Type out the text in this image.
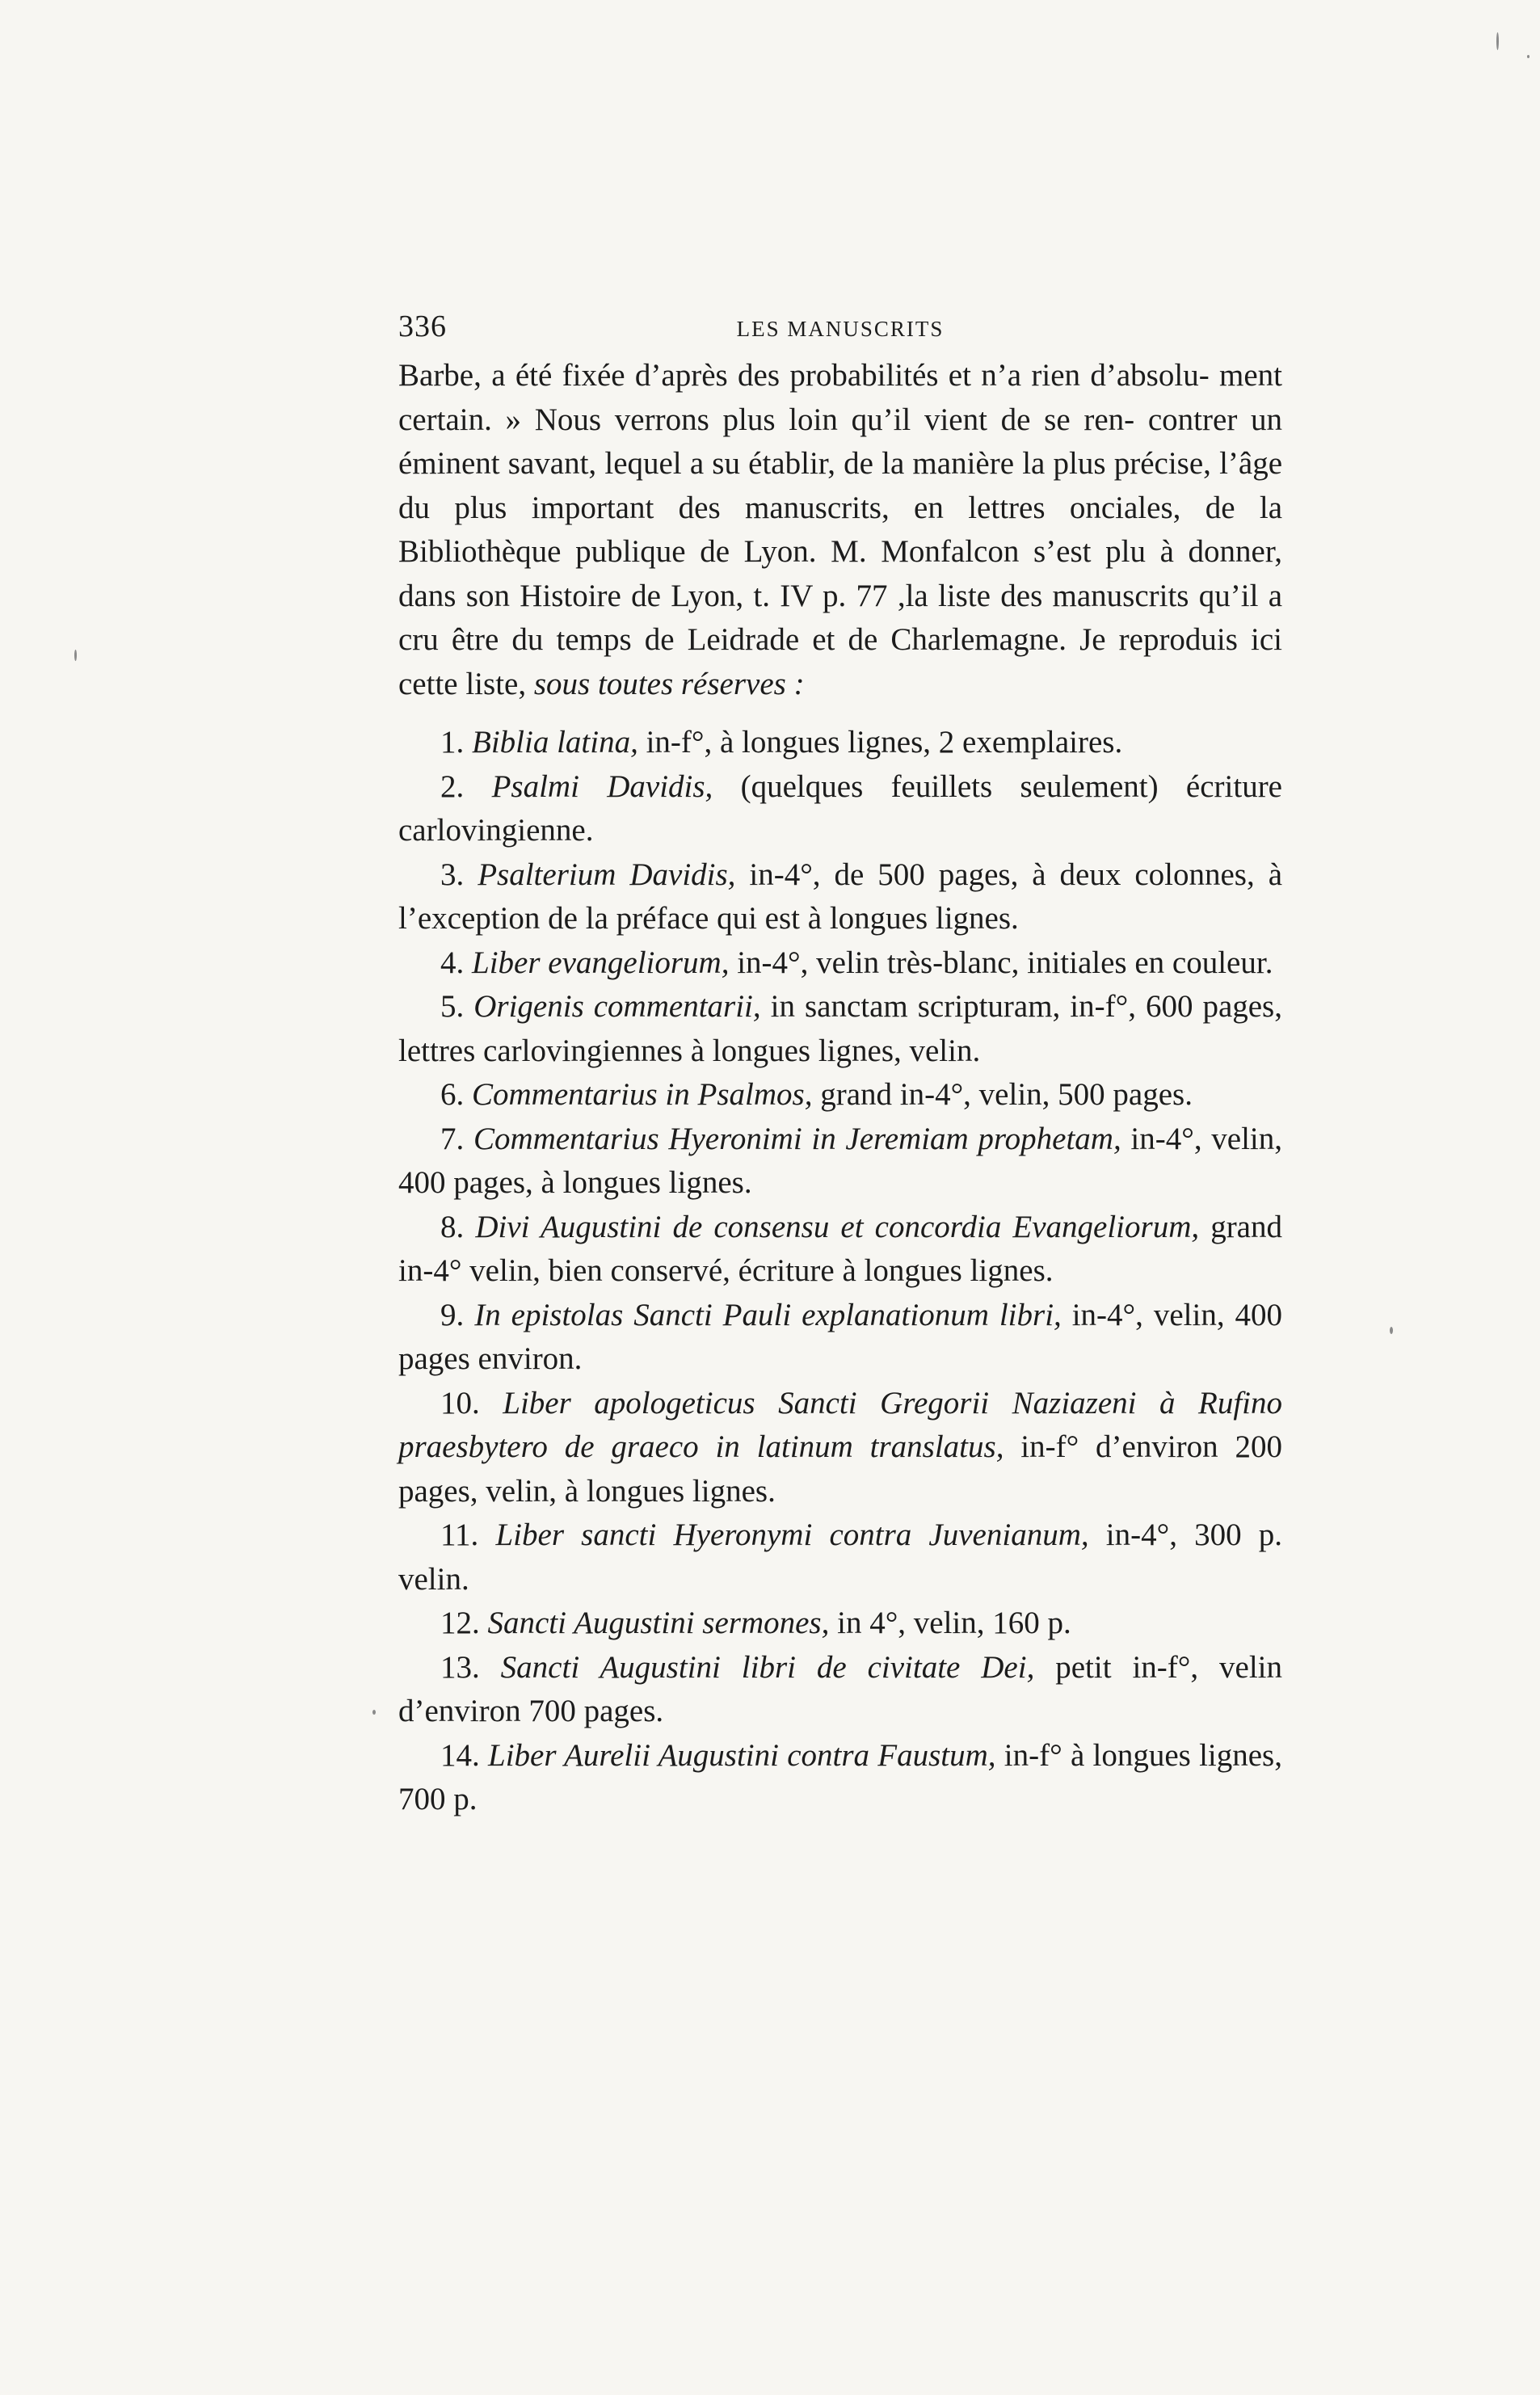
336	LES MANUSCRITS

Barbe, a été fixée d’après des probabilités et n’a rien d’absolu- ment certain. » Nous verrons plus loin qu’il vient de se ren- contrer un éminent savant, lequel a su établir, de la manière la plus précise, l’âge du plus important des manuscrits, en lettres onciales, de la Bibliothèque publique de Lyon. M. Monfalcon s’est plu à donner, dans son Histoire de Lyon, t. IV p. 77 ,la liste des manuscrits qu’il a cru être du temps de Leidrade et de Charlemagne. Je reproduis ici cette liste, sous toutes réserves :

1. Biblia latina, in-f°, à longues lignes, 2 exemplaires.

2. Psalmi Davidis, (quelques feuillets seulement) écriture carlovingienne.

3. Psalterium Davidis, in-4°, de 500 pages, à deux colonnes, à l’exception de la préface qui est à longues lignes.

4. Liber evangeliorum, in-4°, velin très-blanc, initiales en couleur.

5. Origenis commentarii, in sanctam scripturam, in-f°, 600 pages, lettres carlovingiennes à longues lignes, velin.

6. Commentarius in Psalmos, grand in-4°, velin, 500 pages.

7. Commentarius Hyeronimi in Jeremiam prophetam, in-4°, velin, 400 pages, à longues lignes.

8. Divi Augustini de consensu et concordia Evangeliorum, grand in-4° velin, bien conservé, écriture à longues lignes.

9. In epistolas Sancti Pauli explanationum libri, in-4°, velin, 400 pages environ.

10. Liber apologeticus Sancti Gregorii Naziazeni à Rufino praesbytero de graeco in latinum translatus, in-f° d’environ 200 pages, velin, à longues lignes.

11. Liber sancti Hyeronymi contra Juvenianum, in-4°, 300 p. velin.

12. Sancti Augustini sermones, in 4°, velin, 160 p.

13. Sancti Augustini libri de civitate Dei, petit in-f°, velin d’environ 700 pages.

14. Liber Aurelii Augustini contra Faustum, in-f° à longues lignes, 700 p.
